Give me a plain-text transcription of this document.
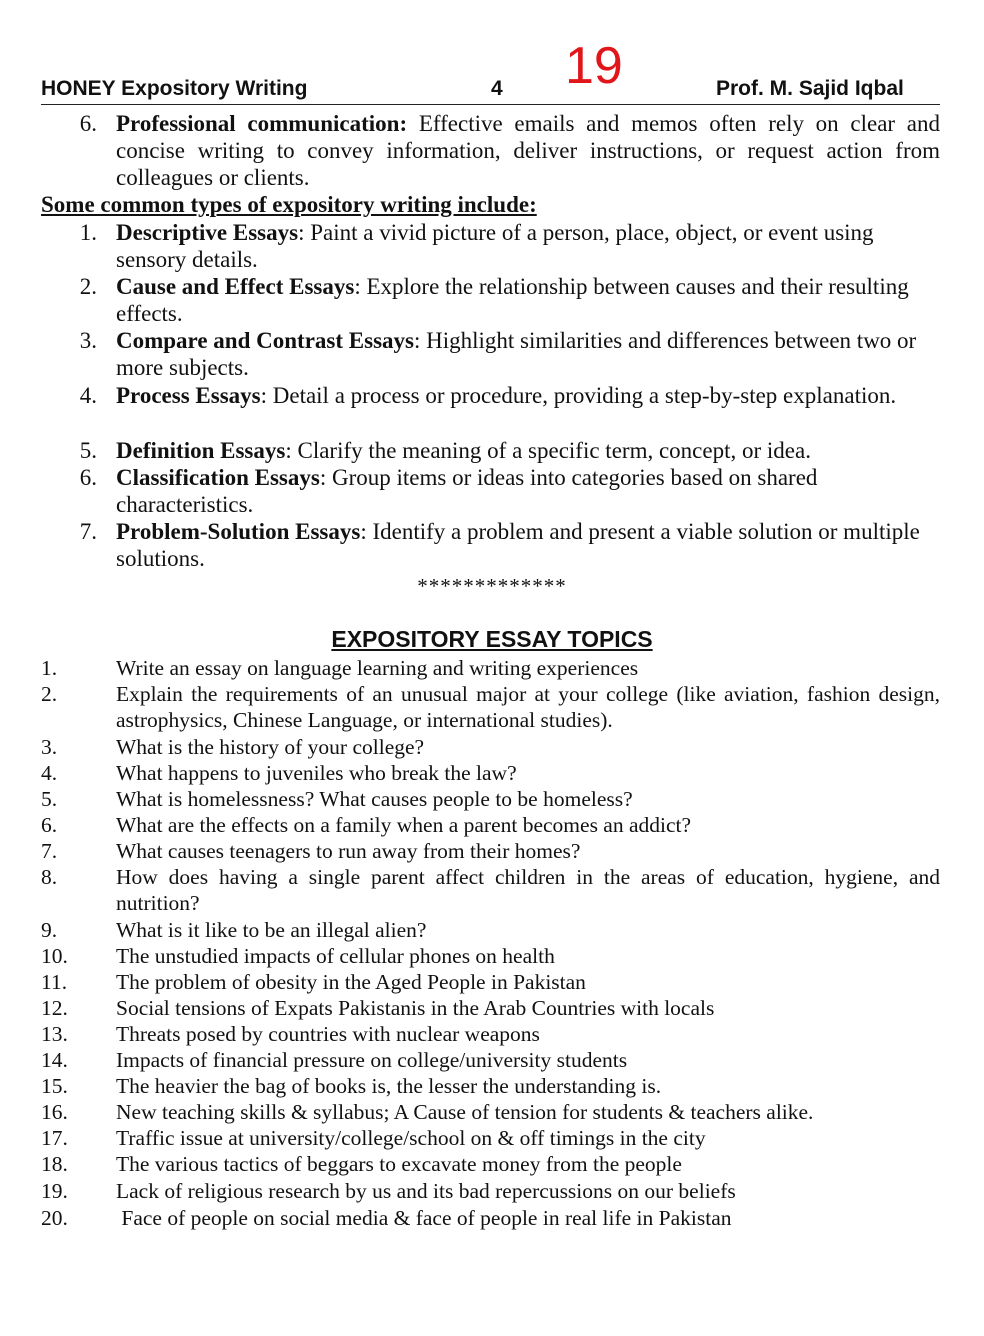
HONEY Expository Writing	4 19	Prof. M. Sajid Iqbal
6. Professional communication: Effective emails and memos often rely on clear and concise writing to convey information, deliver instructions, or request action from colleagues or clients.
Some common types of expository writing include:
1. Descriptive Essays: Paint a vivid picture of a person, place, object, or event using sensory details.
2. Cause and Effect Essays: Explore the relationship between causes and their resulting effects.
3. Compare and Contrast Essays: Highlight similarities and differences between two or more subjects.
4. Process Essays: Detail a process or procedure, providing a step-by-step explanation.
5. Definition Essays: Clarify the meaning of a specific term, concept, or idea.
6. Classification Essays: Group items or ideas into categories based on shared characteristics.
7. Problem-Solution Essays: Identify a problem and present a viable solution or multiple solutions.
*************
EXPOSITORY ESSAY TOPICS
1.	Write an essay on language learning and writing experiences
2.	Explain the requirements of an unusual major at your college (like aviation, fashion design, astrophysics, Chinese Language, or international studies).
3.	What is the history of your college?
4.	What happens to juveniles who break the law?
5.	What is homelessness? What causes people to be homeless?
6.	What are the effects on a family when a parent becomes an addict?
7.	What causes teenagers to run away from their homes?
8.	How does having a single parent affect children in the areas of education, hygiene, and nutrition?
9.	What is it like to be an illegal alien?
10. The unstudied impacts of cellular phones on health
11. The problem of obesity in the Aged People in Pakistan
12. Social tensions of Expats Pakistanis in the Arab Countries with locals
13. Threats posed by countries with nuclear weapons
14. Impacts of financial pressure on college/university students
15. The heavier the bag of books is, the lesser the understanding is.
16. New teaching skills & syllabus; A Cause of tension for students & teachers alike.
17. Traffic issue at university/college/school on & off timings in the city
18. The various tactics of beggars to excavate money from the people
19. Lack of religious research by us and its bad repercussions on our beliefs
20. Face of people on social media & face of people in real life in Pakistan
